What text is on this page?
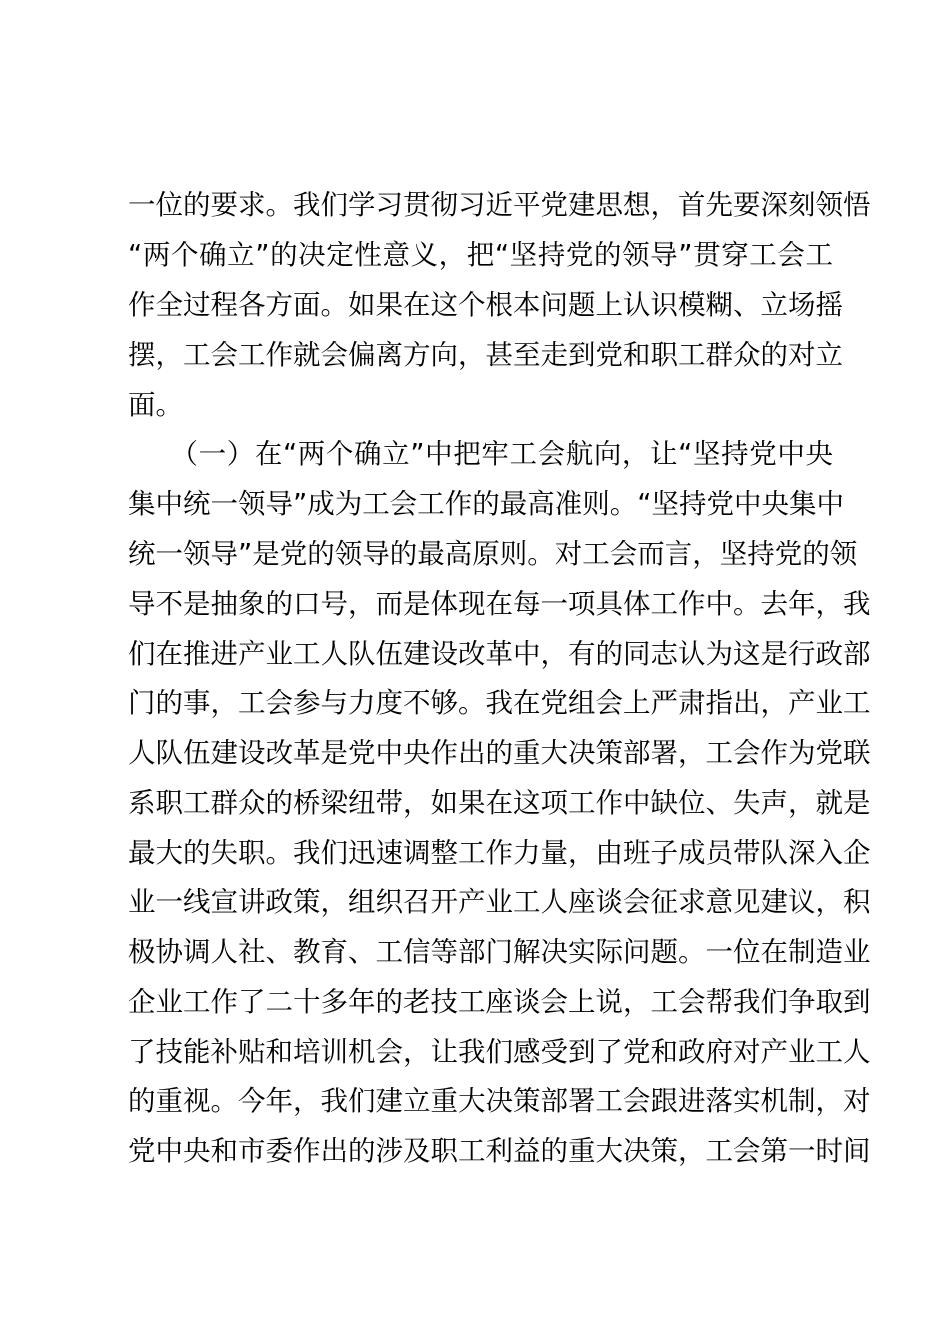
一位的要求。我们学习贯彻习近平党建思想，首先要深刻领悟
“两个确立”的决定性意义，把“坚持党的领导”贯穿工会工
作全过程各方面。如果在这个根本问题上认识模糊、立场摇
摆，工会工作就会偏离方向，甚至走到党和职工群众的对立
面。
　　（一）在“两个确立”中把牢工会航向，让“坚持党中央
集中统一领导”成为工会工作的最高准则。“坚持党中央集中
统一领导”是党的领导的最高原则。对工会而言，坚持党的领
导不是抽象的口号，而是体现在每一项具体工作中。去年，我
们在推进产业工人队伍建设改革中，有的同志认为这是行政部
门的事，工会参与力度不够。我在党组会上严肃指出，产业工
人队伍建设改革是党中央作出的重大决策部署，工会作为党联
系职工群众的桥梁纽带，如果在这项工作中缺位、失声，就是
最大的失职。我们迅速调整工作力量，由班子成员带队深入企
业一线宣讲政策，组织召开产业工人座谈会征求意见建议，积
极协调人社、教育、工信等部门解决实际问题。一位在制造业
企业工作了二十多年的老技工座谈会上说，工会帮我们争取到
了技能补贴和培训机会，让我们感受到了党和政府对产业工人
的重视。今年，我们建立重大决策部署工会跟进落实机制，对
党中央和市委作出的涉及职工利益的重大决策，工会第一时间
